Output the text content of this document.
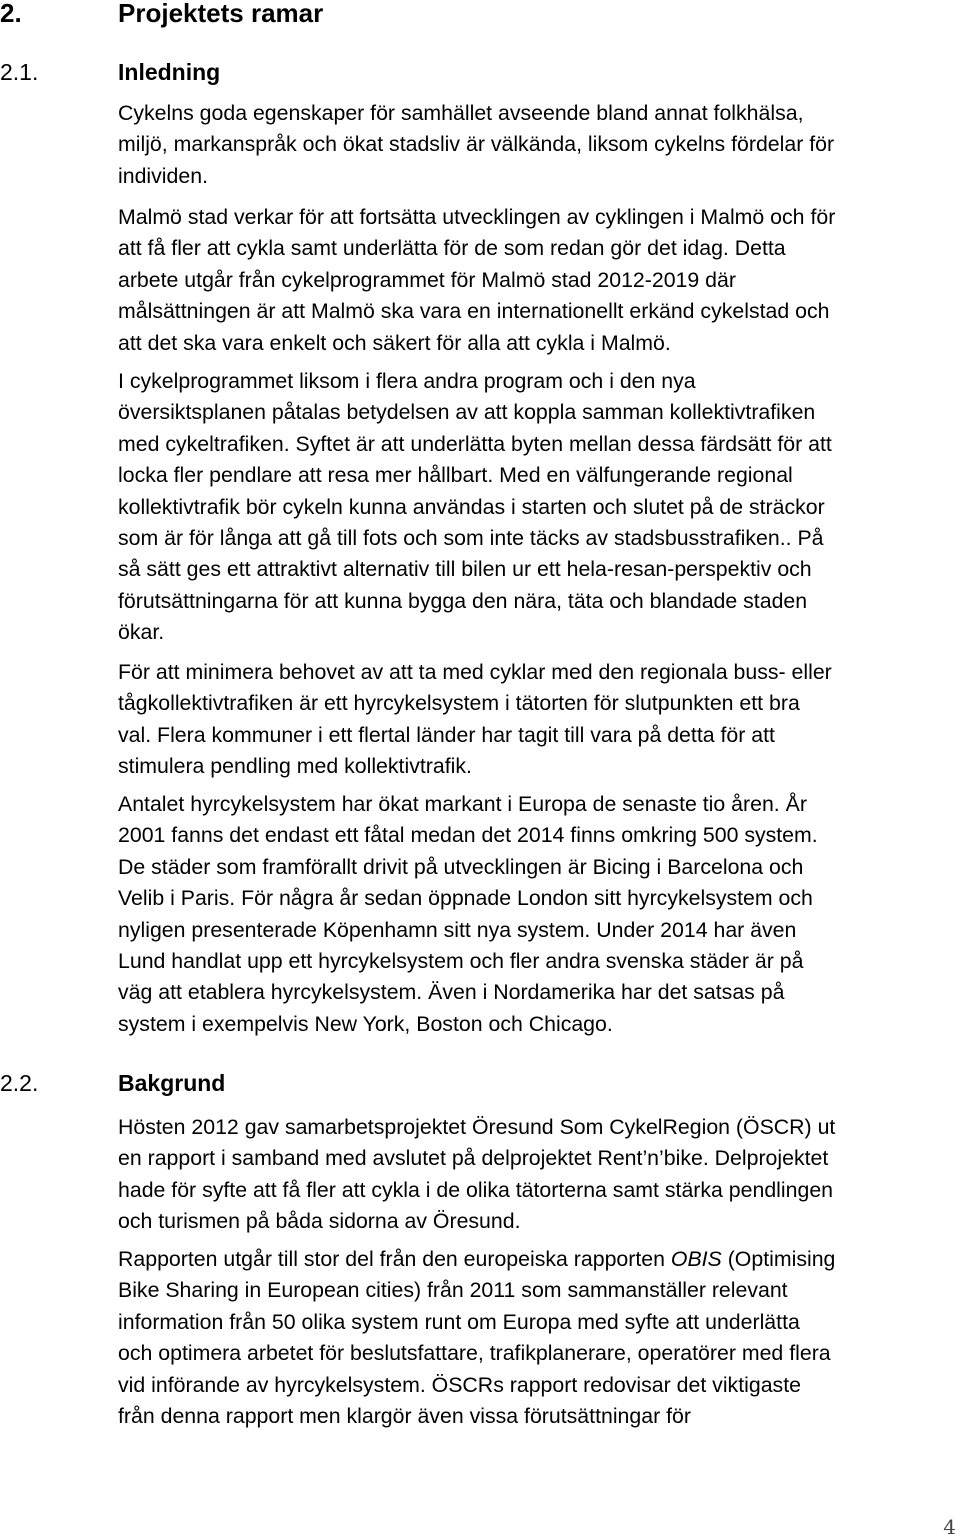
2.	Projektets ramar
2.1.	Inledning

Cykelns goda egenskaper för samhället avseende bland annat folkhälsa,
miljö, markanspråk och ökat stadsliv är välkända, liksom cykelns fördelar för
individen.

Malmö stad verkar för att fortsätta utvecklingen av cyklingen i Malmö och för
att få fler att cykla samt underlätta för de som redan gör det idag. Detta
arbete utgår från cykelprogrammet för Malmö stad 2012-2019 där
målsättningen är att Malmö ska vara en internationellt erkänd cykelstad och
att det ska vara enkelt och säkert för alla att cykla i Malmö.

I cykelprogrammet liksom i flera andra program och i den nya
översiktsplanen påtalas betydelsen av att koppla samman kollektivtrafiken
med cykeltrafiken. Syftet är att underlätta byten mellan dessa färdsätt för att
locka fler pendlare att resa mer hållbart. Med en välfungerande regional
kollektivtrafik bör cykeln kunna användas i starten och slutet på de sträckor
som är för långa att gå till fots och som inte täcks av stadsbusstrafiken.. På
så sätt ges ett attraktivt alternativ till bilen ur ett hela-resan-perspektiv och
förutsättningarna för att kunna bygga den nära, täta och blandade staden
ökar.

För att minimera behovet av att ta med cyklar med den regionala buss- eller
tågkollektivtrafiken är ett hyrcykelsystem i tätorten för slutpunkten ett bra
val. Flera kommuner i ett flertal länder har tagit till vara på detta för att
stimulera pendling med kollektivtrafik.

Antalet hyrcykelsystem har ökat markant i Europa de senaste tio åren. År
2001 fanns det endast ett fåtal medan det 2014 finns omkring 500 system.
De städer som framförallt drivit på utvecklingen är Bicing i Barcelona och
Velib i Paris. För några år sedan öppnade London sitt hyrcykelsystem och
nyligen presenterade Köpenhamn sitt nya system. Under 2014 har även
Lund handlat upp ett hyrcykelsystem och fler andra svenska städer är på
väg att etablera hyrcykelsystem. Även i Nordamerika har det satsas på
system i exempelvis New York, Boston och Chicago.

2.2.	Bakgrund

Hösten 2012 gav samarbetsprojektet Öresund Som CykelRegion (ÖSCR) ut
en rapport i samband med avslutet på delprojektet Rent’n’bike. Delprojektet
hade för syfte att få fler att cykla i de olika tätorterna samt stärka pendlingen
och turismen på båda sidorna av Öresund.

Rapporten utgår till stor del från den europeiska rapporten OBIS (Optimising
Bike Sharing in European cities) från 2011 som sammanställer relevant
information från 50 olika system runt om Europa med syfte att underlätta
och optimera arbetet för beslutsfattare, trafikplanerare, operatörer med flera
vid införande av hyrcykelsystem. ÖSCRs rapport redovisar det viktigaste
från denna rapport men klargör även vissa förutsättningar för

4
